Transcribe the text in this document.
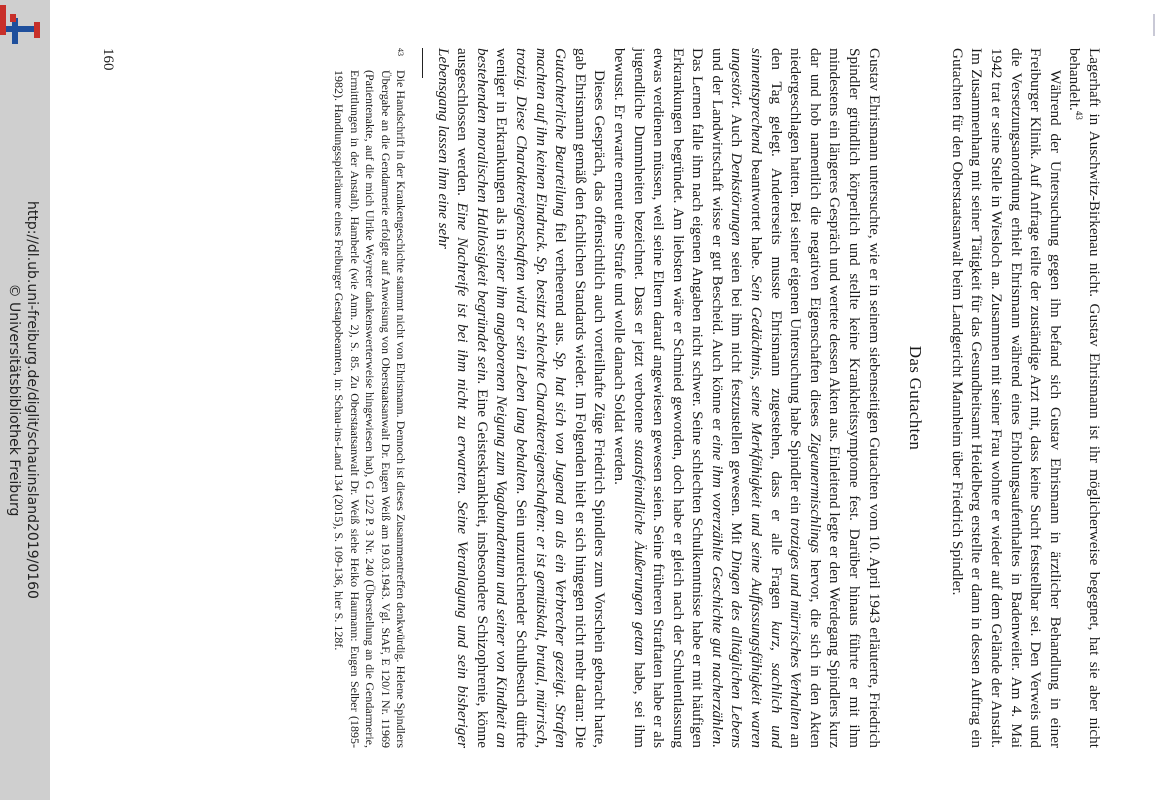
http://dl.ub.uni-freiburg.de/diglit/schauinsland2019/0160
© Universitätsbibliothek Freiburg	Lagerhaft in Auschwitz-Birkenau nicht. Gustav Ehrismann ist ihr möglicherweise begegnet, hat sie aber nicht behandelt.$^{43}$

Während der Untersuchung gegen ihn befand sich Gustav Ehrismann in ärztlicher Behandlung in einer Freiburger Klinik. Auf Anfrage teilte der zuständige Arzt mit, dass keine Sucht feststellbar sei. Den Verweis und die Versetzungsanordnung erhielt Ehrismann während eines Erholungsaufenthaltes in Badenweiler. Am 4. Mai 1942 trat er seine Stelle in Wiesloch an. Zusammen mit seiner Frau wohnte er wieder auf dem Gelände der Anstalt. Im Zusammenhang mit seiner Tätigkeit für das Gesundheitsamt Heidelberg erstellte er dann in dessen Auftrag ein Gutachten für den Oberstaatsanwalt beim Landgericht Mannheim über Friedrich Spindler.

Das Gutachten

Gustav Ehrismann untersuchte, wie er in seinem siebenseitigen Gutachten vom 10. April 1943 erläuterte, Friedrich Spindler gründlich körperlich und stellte keine Krankheitssymptome fest. Darüber hinaus führte er mit ihm mindestens ein längeres Gespräch und wertete dessen Akten aus. Einleitend legte er den Werdegang Spindlers kurz dar und hob namentlich die negativen Eigenschaften dieses Zigeunermischlings hervor, die sich in den Akten niedergeschlagen hatten. Bei seiner eigenen Untersuchung habe Spindler ein trotziges und mürrisches Verhalten an den Tag gelegt. Andererseits musste Ehrismann zugestehen, dass er alle Fragen kurz, sachlich und sinnentsprechend beantwortet habe. Sein Gedächtnis, seine Merkfähigkeit und seine Auffassungsfähigkeit waren ungestört. Auch Denkstörungen seien bei ihm nicht festzustellen gewesen. Mit Dingen des alltäglichen Lebens und der Landwirtschaft wisse er gut Bescheid. Auch könne er eine ihm vorerzählte Geschichte gut nacherzählen. Das Lernen falle ihm nach eigenen Angaben nicht schwer. Seine schlechten Schulkenntnisse habe er mit häufigen Erkrankungen begründet. Am liebsten wäre er Schmied geworden, doch habe er gleich nach der Schulentlassung etwas verdienen müssen, weil seine Eltern darauf angewiesen gewesen seien. Seine früheren Straftaten habe er als jugendliche Dummheiten bezeichnet. Dass er jetzt verbotene staatsfeindliche Äußerungen getan habe, sei ihm bewusst. Er erwarte erneut eine Strafe und wolle danach Soldat werden.

Dieses Gespräch, das offensichtlich auch vorteilhafte Züge Friedrich Spindlers zum Vorschein gebracht hatte, gab Ehrismann gemäß den fachlichen Standards wieder. Im Folgenden hielt er sich hingegen nicht mehr daran: Die Gutachterliche Beurteilung fiel verheerend aus. Sp. hat sich von Jugend an als ein Verbrecher gezeigt. Strafen machten auf ihn keinen Eindruck. Sp. besitzt schlechte Charaktereigenschaften: er ist gemütskalt, brutal, mürrisch, trotzig. Diese Charaktereigenschaften wird er sein Leben lang behalten. Sein unzureichender Schulbesuch dürfte weniger in Erkrankungen als in seiner ihm angeborenen Neigung zum Vagabundentum und seiner von Kindheit an bestehenden moralischen Haltlosigkeit begründet sein. Eine Geisteskrankheit, insbesondere Schizophrenie, könne ausgeschlossen werden. Eine Nachreife ist bei ihm nicht zu erwarten. Seine Veranlagung und sein bisheriger Lebensgang lassen ihm eine sehr

43
Die Handschrift in der Krankengeschichte stammt nicht von Ehrismann. Dennoch ist dieses Zusammentreffen denkwürdig. Helene Spindlers Übergabe an die Gendarmerie erfolgte auf Anweisung von Oberstaatsanwalt Dr. Eugen Weiß am 19.03.1943. Vgl. StAF, E 120/1 Nr. 11969 (Patientenakte, auf die mich Ulrike Weyreter dankenswerterweise hingewiesen hat), G 12/2 P. 3 Nr. 240 (Überstellung an die Gendarmerie, Ermittlungen in der Anstalt). Hamberle (wie Anm. 2), S. 85. Zu Oberstaatsanwalt Dr. Weiß siehe Heiko Haumann: Eugen Selber (1895-1982). Handlungsspielräume eines Freiburger Gestapobeamten, in: Schau-ins-Land 134 (2015), S. 109-136, hier S. 128f.
160
